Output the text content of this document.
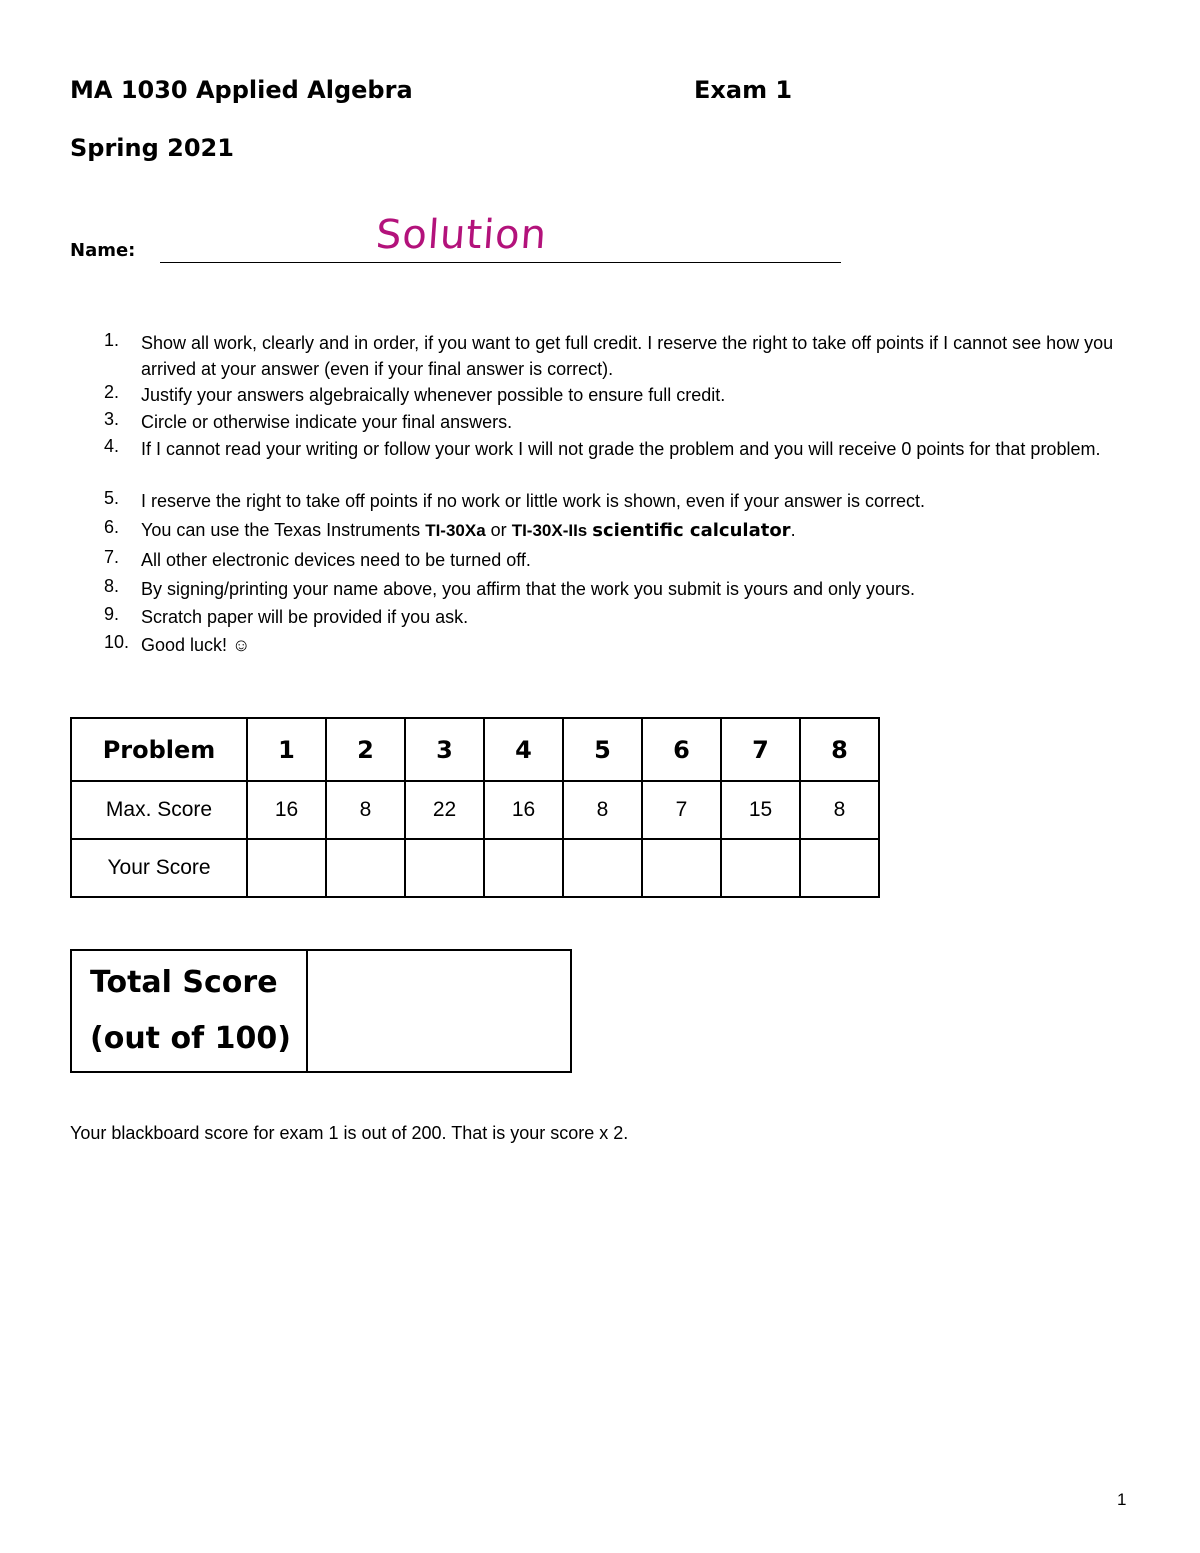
MA 1030 Applied Algebra	Exam 1
Spring 2021
Name:	Solution
1.	Show all work, clearly and in order, if you want to get full credit. I reserve the right to take off points if I cannot see how you arrived at your answer (even if your final answer is correct).
2.	Justify your answers algebraically whenever possible to ensure full credit.
3.	Circle or otherwise indicate your final answers.
4.	If I cannot read your writing or follow your work I will not grade the problem and you will receive 0 points for that problem.
5.	I reserve the right to take off points if no work or little work is shown, even if your answer is correct.
6.	You can use the Texas Instruments TI-30Xa or TI-30X-IIs scientific calculator.
7.	All other electronic devices need to be turned off.
8.	By signing/printing your name above, you affirm that the work you submit is yours and only yours.
9.	Scratch paper will be provided if you ask.
10. Good luck! ☺
Problem	1	2	3	4	5	6	7	8
Max. Score	16	8	22	16	8	7	15	8
Your Score								
Total Score
(out of 100)

Your blackboard score for exam 1 is out of 200. That is your score x 2.
1
